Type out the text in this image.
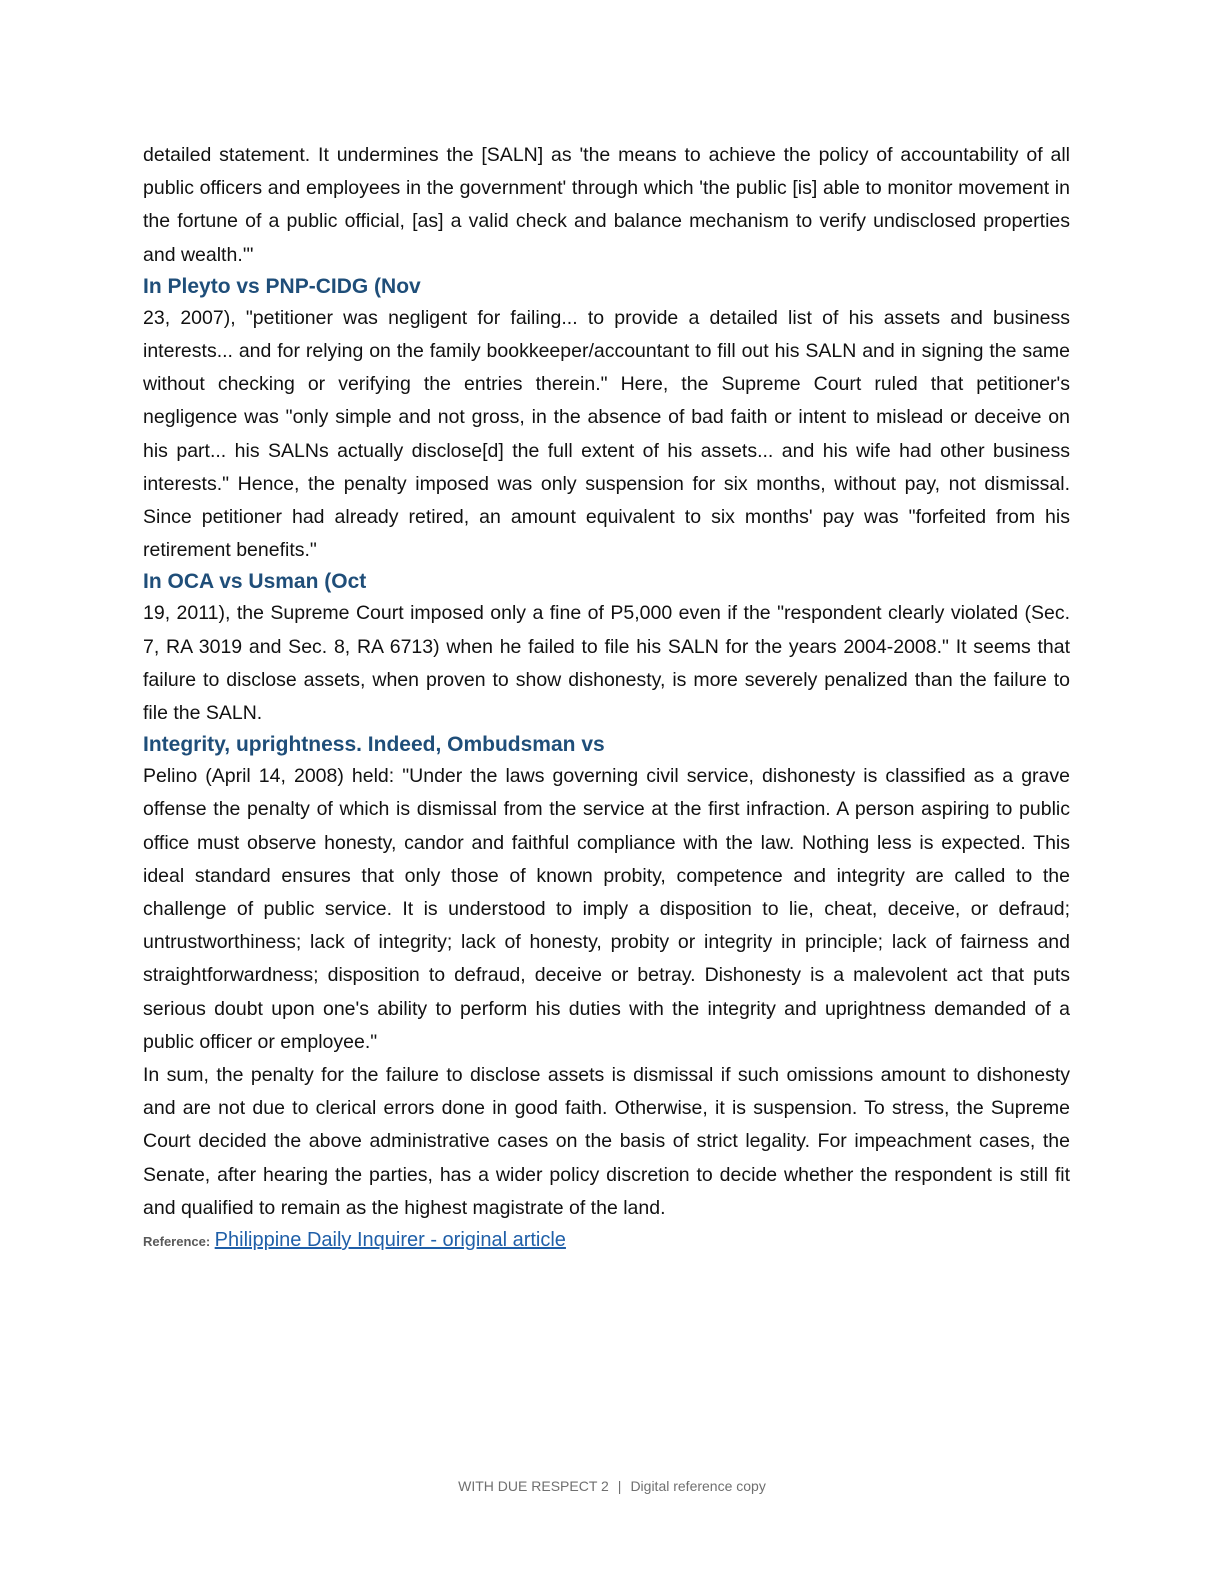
detailed statement. It undermines the [SALN] as 'the means to achieve the policy of accountability of all public officers and employees in the government' through which 'the public [is] able to monitor movement in the fortune of a public official, [as] a valid check and balance mechanism to verify undisclosed properties and wealth.'"

In Pleyto vs PNP-CIDG (Nov

23, 2007), "petitioner was negligent for failing... to provide a detailed list of his assets and business interests... and for relying on the family bookkeeper/accountant to fill out his SALN and in signing the same without checking or verifying the entries therein." Here, the Supreme Court ruled that petitioner's negligence was "only simple and not gross, in the absence of bad faith or intent to mislead or deceive on his part... his SALNs actually disclose[d] the full extent of his assets... and his wife had other business interests." Hence, the penalty imposed was only suspension for six months, without pay, not dismissal. Since petitioner had already retired, an amount equivalent to six months' pay was "forfeited from his retirement benefits."

In OCA vs Usman (Oct

19, 2011), the Supreme Court imposed only a fine of P5,000 even if the "respondent clearly violated (Sec. 7, RA 3019 and Sec. 8, RA 6713) when he failed to file his SALN for the years 2004-2008." It seems that failure to disclose assets, when proven to show dishonesty, is more severely penalized than the failure to file the SALN.

Integrity, uprightness. Indeed, Ombudsman vs

Pelino (April 14, 2008) held: "Under the laws governing civil service, dishonesty is classified as a grave offense the penalty of which is dismissal from the service at the first infraction. A person aspiring to public office must observe honesty, candor and faithful compliance with the law. Nothing less is expected. This ideal standard ensures that only those of known probity, competence and integrity are called to the challenge of public service. It is understood to imply a disposition to lie, cheat, deceive, or defraud; untrustworthiness; lack of integrity; lack of honesty, probity or integrity in principle; lack of fairness and straightforwardness; disposition to defraud, deceive or betray. Dishonesty is a malevolent act that puts serious doubt upon one's ability to perform his duties with the integrity and uprightness demanded of a public officer or employee."

In sum, the penalty for the failure to disclose assets is dismissal if such omissions amount to dishonesty and are not due to clerical errors done in good faith. Otherwise, it is suspension. To stress, the Supreme Court decided the above administrative cases on the basis of strict legality. For impeachment cases, the Senate, after hearing the parties, has a wider policy discretion to decide whether the respondent is still fit and qualified to remain as the highest magistrate of the land.

Reference: Philippine Daily Inquirer - original article

WITH DUE RESPECT 2 | Digital reference copy
